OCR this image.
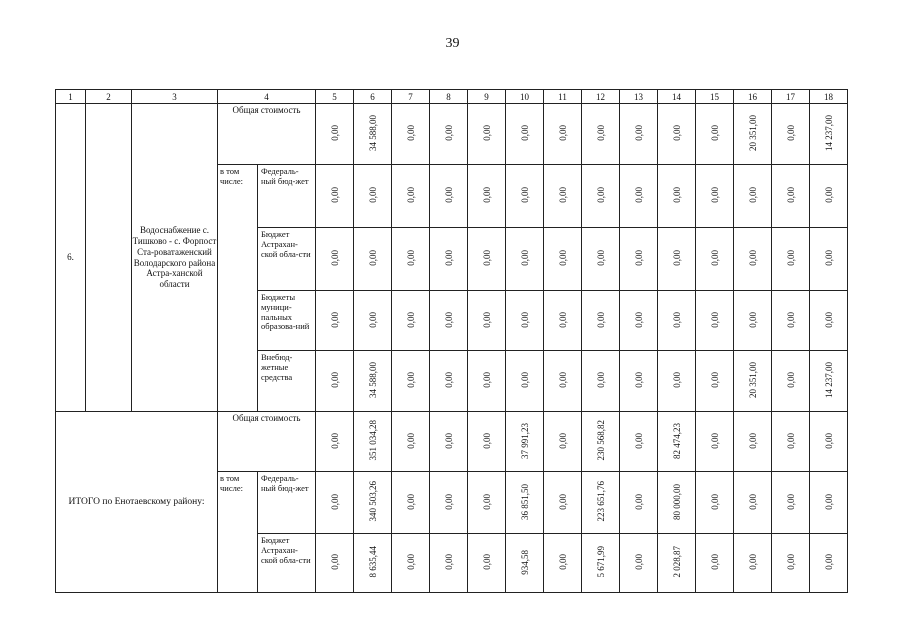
39
1	2	3	4		5	6	7	8	9	10	11	12	13	14	15	16	17	18
6.		Водоснабжение с. Тишково - с. Форпост Ста-роватаженский Володарского района Астра-ханской области	Общая стоимость		0,00	34 588,00	0,00	0,00	0,00	0,00	0,00	0,00	0,00	0,00	0,00	20 351,00	0,00	14 237,00
			в том числе:	Федераль-ный бюд-жет	0,00	0,00	0,00	0,00	0,00	0,00	0,00	0,00	0,00	0,00	0,00	0,00	0,00	0,00
				Бюджет Астрахан-ской обла-сти	0,00	0,00	0,00	0,00	0,00	0,00	0,00	0,00	0,00	0,00	0,00	0,00	0,00	0,00
				Бюджеты муници-пальных образова-ний	0,00	0,00	0,00	0,00	0,00	0,00	0,00	0,00	0,00	0,00	0,00	0,00	0,00	0,00
				Внебюд-жетные средства	0,00	34 588,00	0,00	0,00	0,00	0,00	0,00	0,00	0,00	0,00	0,00	20 351,00	0,00	14 237,00
ИТОГО по Енотаевскому району:			Общая стоимость		0,00	351 034,28	0,00	0,00	0,00	37 991,23	0,00	230 568,82	0,00	82 474,23	0,00	0,00	0,00	0,00
			в том числе:	Федераль-ный бюд-жет	0,00	340 503,26	0,00	0,00	0,00	36 851,50	0,00	223 651,76	0,00	80 000,00	0,00	0,00	0,00	0,00
				Бюджет Астрахан-ской обла-сти	0,00	8 635,44	0,00	0,00	0,00	934,58	0,00	5 671,99	0,00	2 028,87	0,00	0,00	0,00	0,00
